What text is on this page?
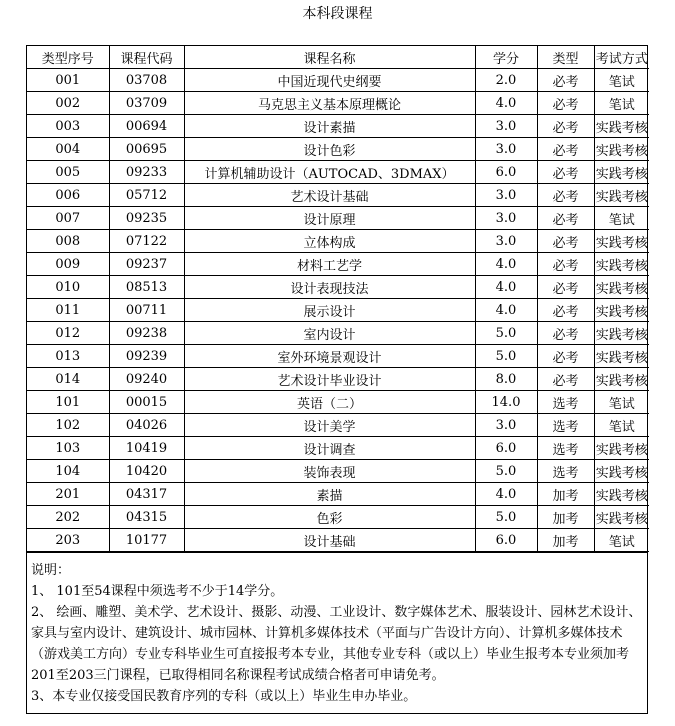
本科段课程
类型序号	课程代码	课程名称	学分	类型	考试方式
001	03708	中国近现代史纲要	2.0	必考	笔试
002	03709	马克思主义基本原理概论	4.0	必考	笔试
003	00694	设计素描	3.0	必考	实践考核
004	00695	设计色彩	3.0	必考	实践考核
005	09233	计算机辅助设计（AUTOCAD、3DMAX）	6.0	必考	实践考核
006	05712	艺术设计基础	3.0	必考	实践考核
007	09235	设计原理	3.0	必考	笔试
008	07122	立体构成	3.0	必考	实践考核
009	09237	材料工艺学	4.0	必考	实践考核
010	08513	设计表现技法	4.0	必考	实践考核
011	00711	展示设计	4.0	必考	实践考核
012	09238	室内设计	5.0	必考	实践考核
013	09239	室外环境景观设计	5.0	必考	实践考核
014	09240	艺术设计毕业设计	8.0	必考	实践考核
101	00015	英语（二）	14.0	选考	笔试
102	04026	设计美学	3.0	选考	笔试
103	10419	设计调查	6.0	选考	实践考核
104	10420	装饰表现	5.0	选考	实践考核
201	04317	素描	4.0	加考	实践考核
202	04315	色彩	5.0	加考	实践考核
203	10177	设计基础	6.0	加考	笔试
说明：
1、 101至54课程中须选考不少于14学分。
2、 绘画、雕塑、美术学、艺术设计、摄影、动漫、工业设计、数字媒体艺术、服装设计、园林艺术设计、家具与室内设计、建筑设计、城市园林、计算机多媒体技术（平面与广告设计方向）、计算机多媒体技术（游戏美工方向）专业专科毕业生可直接报考本专业，其他专业专科（或以上）毕业生报考本专业须加考201至203三门课程，已取得相同名称课程考试成绩合格者可申请免考。
3、本专业仅接受国民教育序列的专科（或以上）毕业生申办毕业。
